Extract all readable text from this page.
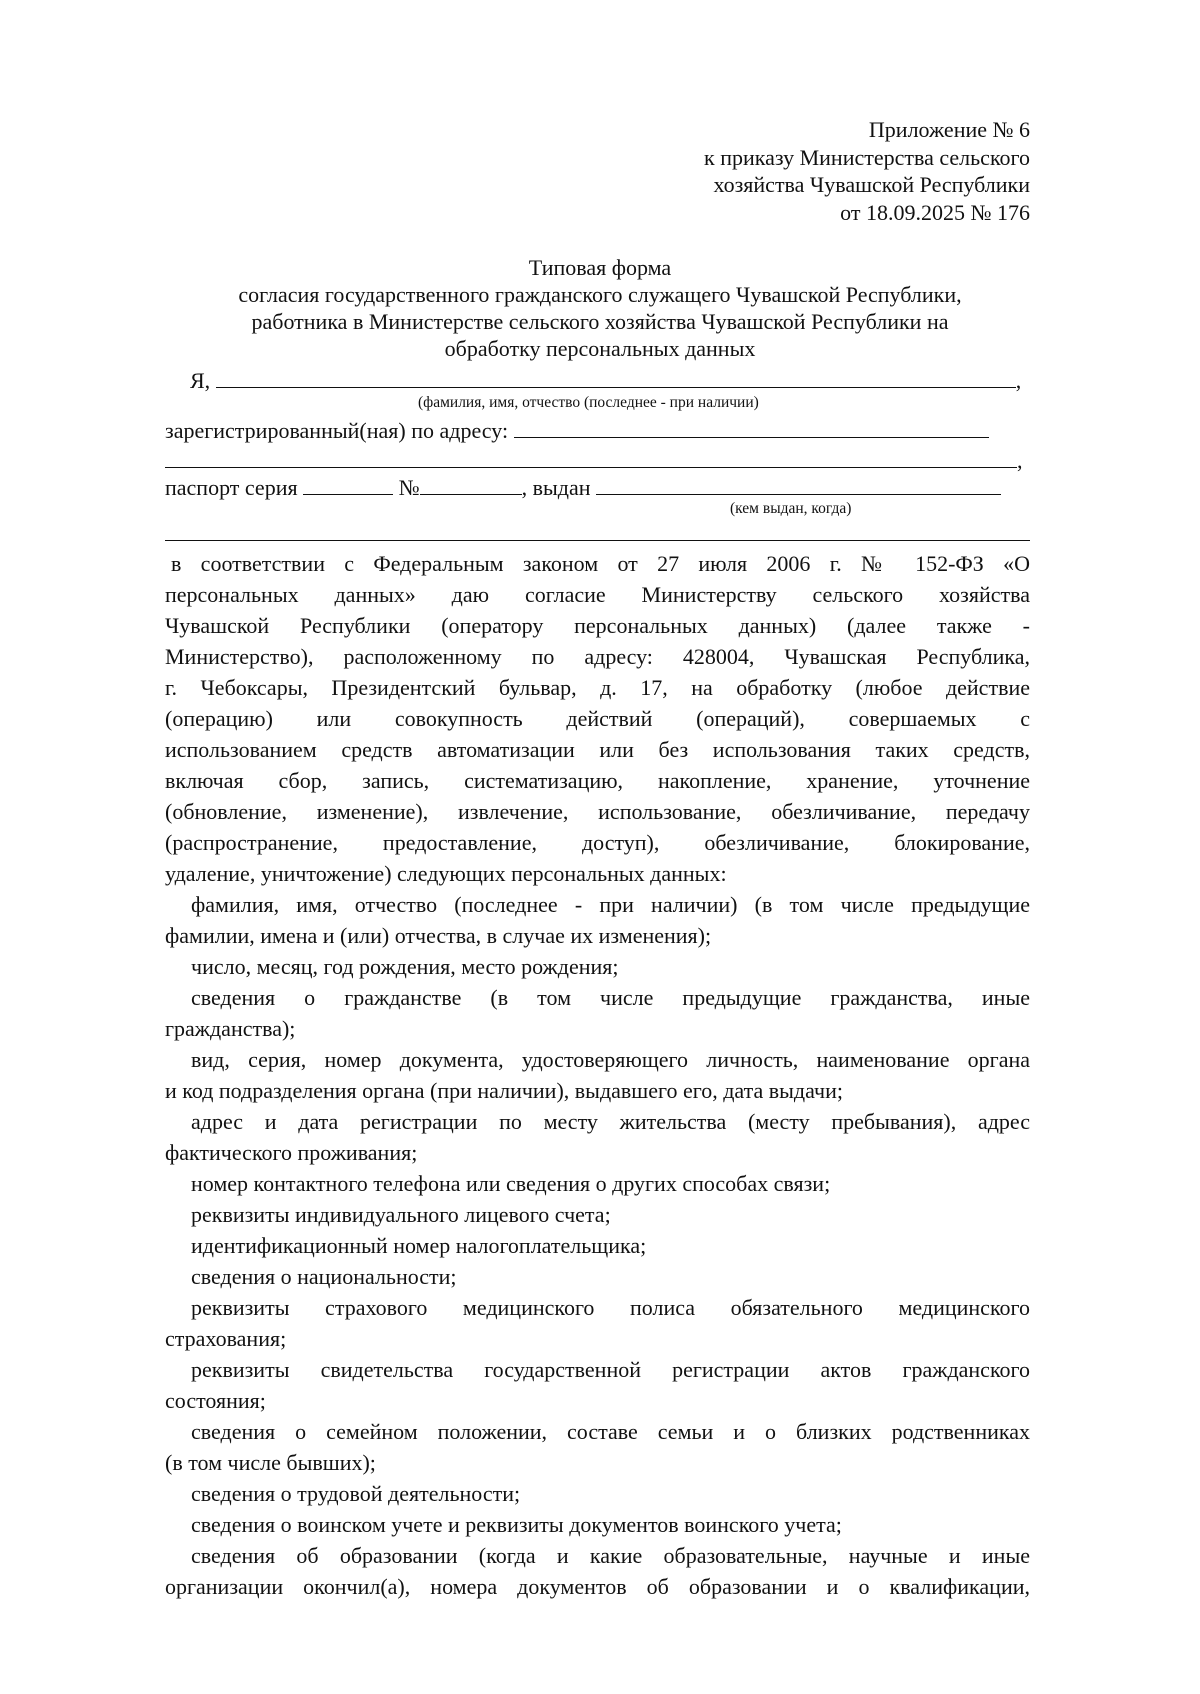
Приложение № 6
к приказу Министерства сельского
хозяйства Чувашской Республики
от 18.09.2025 № 176
Типовая форма
согласия государственного гражданского служащего Чувашской Республики,
работника в Министерстве сельского хозяйства Чувашской Республики на
обработку персональных данных
Я,	,
(фамилия, имя, отчество (последнее - при наличии)
зарегистрированный(ная) по адресу:
,
паспорт серия	№	, выдан
(кем выдан, когда)
в соответствии с Федеральным законом от 27 июля 2006 г. № 152-ФЗ «О
персональных данных» даю согласие Министерству сельского хозяйства
Чувашской Республики (оператору персональных данных) (далее также -
Министерство), расположенному по адресу: 428004, Чувашская Республика,
г. Чебоксары, Президентский бульвар, д. 17, на обработку (любое действие
(операцию) или совокупность действий (операций), совершаемых с
использованием средств автоматизации или без использования таких средств,
включая сбор, запись, систематизацию, накопление, хранение, уточнение
(обновление, изменение), извлечение, использование, обезличивание, передачу
(распространение, предоставление, доступ), обезличивание, блокирование,
удаление, уничтожение) следующих персональных данных:
фамилия, имя, отчество (последнее - при наличии) (в том числе предыдущие
фамилии, имена и (или) отчества, в случае их изменения);
число, месяц, год рождения, место рождения;
сведения о гражданстве (в том числе предыдущие гражданства, иные
гражданства);
вид, серия, номер документа, удостоверяющего личность, наименование органа
и код подразделения органа (при наличии), выдавшего его, дата выдачи;
адрес и дата регистрации по месту жительства (месту пребывания), адрес
фактического проживания;
номер контактного телефона или сведения о других способах связи;
реквизиты индивидуального лицевого счета;
идентификационный номер налогоплательщика;
сведения о национальности;
реквизиты страхового медицинского полиса обязательного медицинского
страхования;
реквизиты свидетельства государственной регистрации актов гражданского
состояния;
сведения о семейном положении, составе семьи и о близких родственниках
(в том числе бывших);
сведения о трудовой деятельности;
сведения о воинском учете и реквизиты документов воинского учета;
сведения об образовании (когда и какие образовательные, научные и иные
организации окончил(а), номера документов об образовании и о квалификации,
